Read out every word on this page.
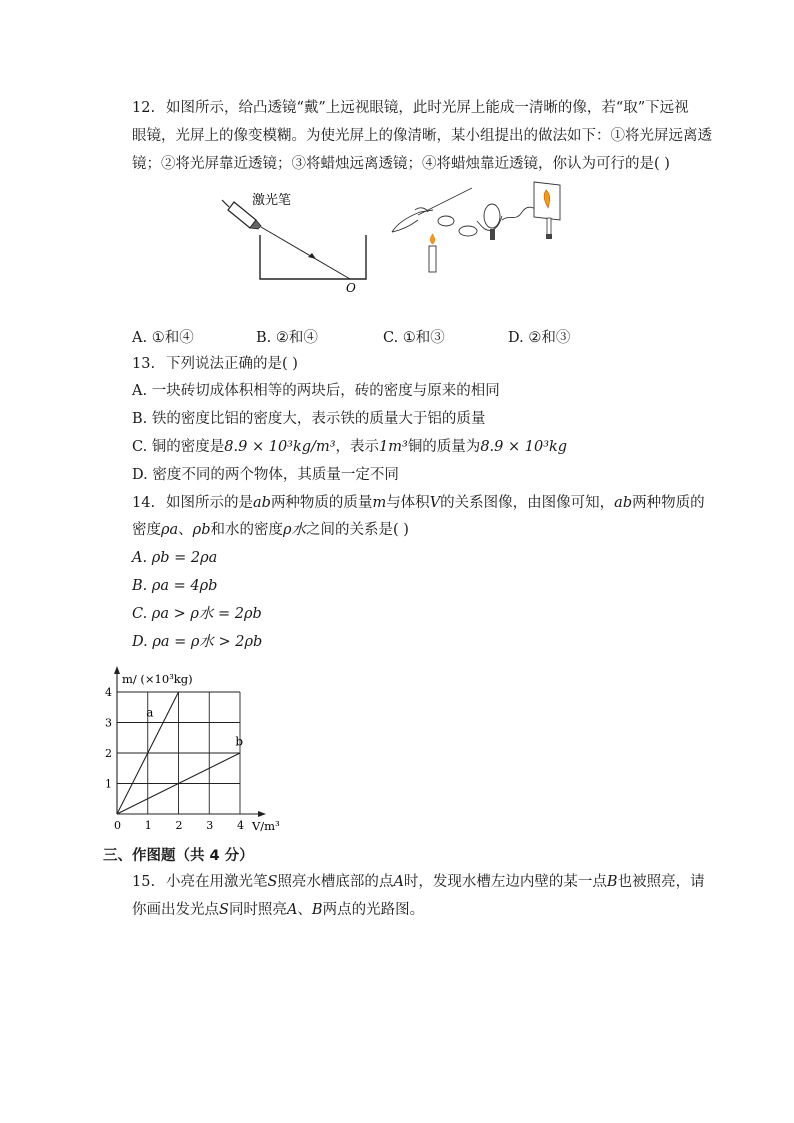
12. 如图所示，给凸透镜“戴”上远视眼镜，此时光屏上能成一清晰的像，若“取”下远视
眼镜，光屏上的像变模糊。为使光屏上的像清晰，某小组提出的做法如下：①将光屏远离透
镜；②将光屏靠近透镜；③将蜡烛远离透镜；④将蜡烛靠近透镜，你认为可行的是( )
激光笔
O
A. ①和④	B. ②和④	C. ①和③	D. ②和③
13. 下列说法正确的是( )
A. 一块砖切成体积相等的两块后，砖的密度与原来的相同
B. 铁的密度比铝的密度大，表示铁的质量大于铝的质量
C. 铜的密度是8.9 × 10³kg/m³，表示1m³铜的质量为8.9 × 10³kg
D. 密度不同的两个物体，其质量一定不同
14. 如图所示的是ab两种物质的质量m与体积V的关系图像，由图像可知，ab两种物质的
密度ρa、ρb和水的密度ρ水之间的关系是( )
A. ρb = 2ρa
B. ρa = 4ρb
C. ρa > ρ水 = 2ρb
D. ρa = ρ水 > 2ρb
a
b
0 1 2 3 4
1
2
3
4
m/ (×10³kg)
V/m³
三、作图题（共 4 分）
15. 小亮在用激光笔S照亮水槽底部的点A时，发现水槽左边内壁的某一点B也被照亮，请
你画出发光点S同时照亮A、B两点的光路图。
